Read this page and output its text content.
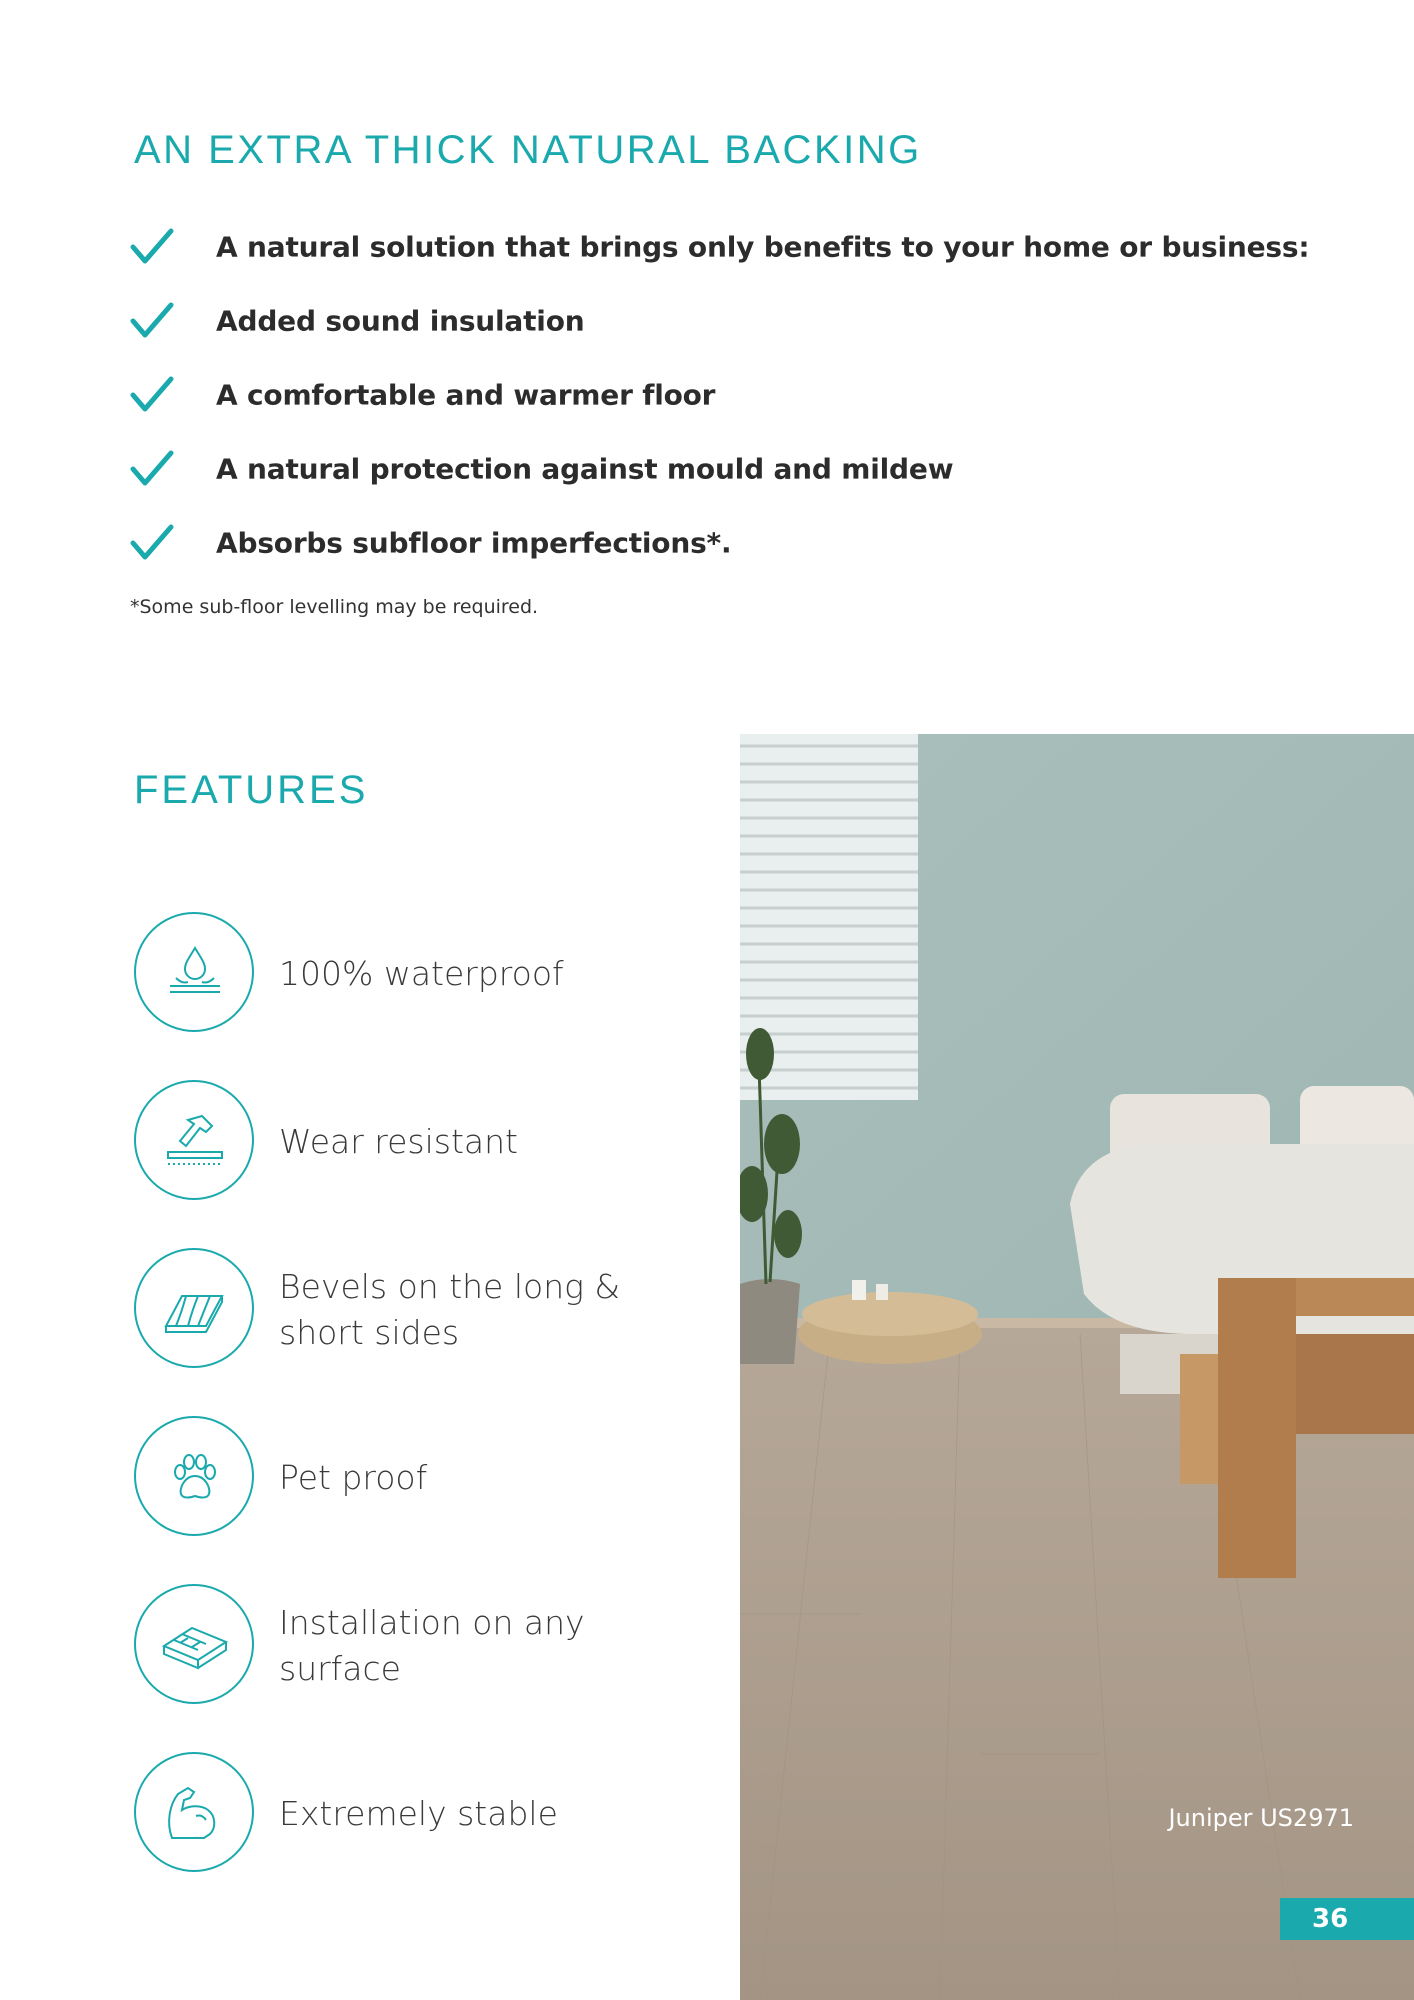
AN EXTRA THICK NATURAL BACKING
A natural solution that brings only benefits to your home or business:
Added sound insulation
A comfortable and warmer floor
A natural protection against mould and mildew
Absorbs subfloor imperfections*.
*Some sub-floor levelling may be required.
FEATURES
100% waterproof
Wear resistant
Bevels on the long & short sides
Pet proof
Installation on any surface
Extremely stable	Juniper US2971
36
